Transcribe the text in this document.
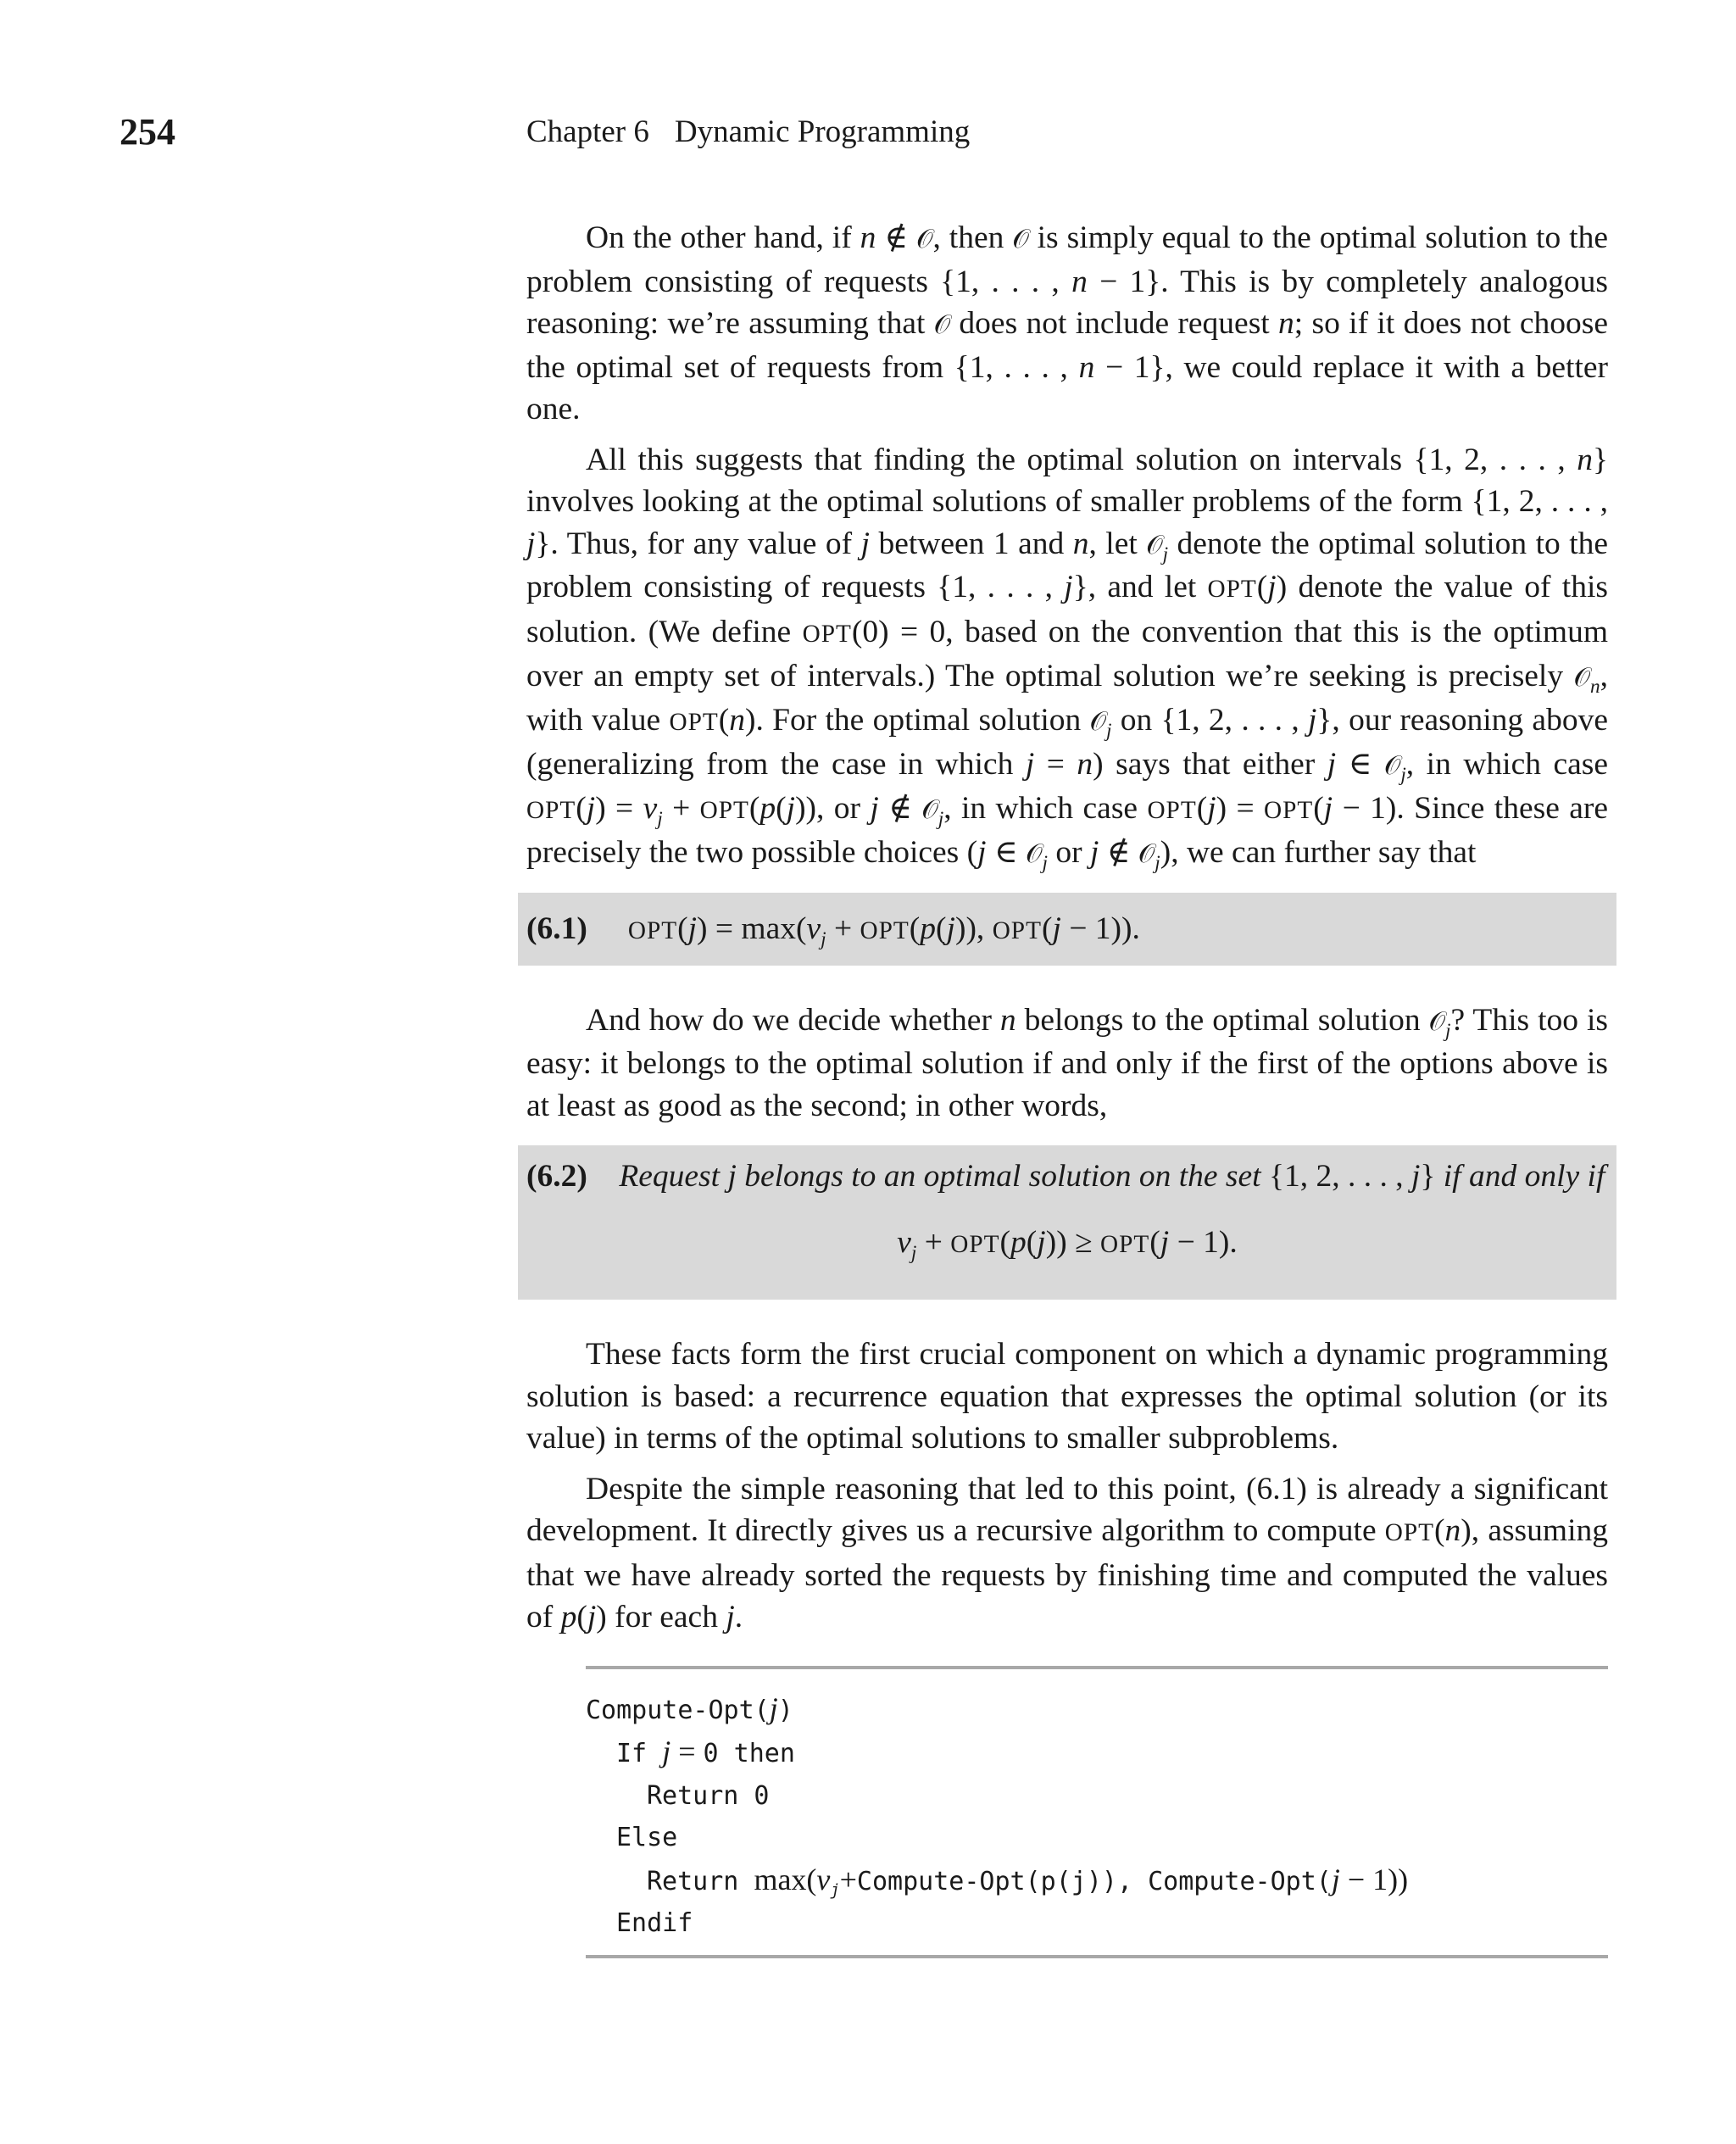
254	Chapter 6 Dynamic Programming

On the other hand, if n ∉ 𝒪, then 𝒪 is simply equal to the optimal solution to the problem consisting of requests {1, . . . , n − 1}. This is by completely analogous reasoning: we’re assuming that 𝒪 does not include request n; so if it does not choose the optimal set of requests from {1, . . . , n − 1}, we could replace it with a better one.

All this suggests that finding the optimal solution on intervals {1, 2, . . . , n} involves looking at the optimal solutions of smaller problems of the form {1, 2, . . . , j}. Thus, for any value of j between 1 and n, let 𝒪$_j$ denote the optimal solution to the problem consisting of requests {1, . . . , j}, and let OPT(j) denote the value of this solution. (We define OPT(0) = 0, based on the convention that this is the optimum over an empty set of intervals.) The optimal solution we’re seeking is precisely 𝒪$_n$, with value OPT(n). For the optimal solution 𝒪$_j$ on {1, 2, . . . , j}, our reasoning above (generalizing from the case in which j = n) says that either j ∈ 𝒪$_j$, in which case $OPT(j) = v_j + OPT(p(j))$, or j ∉ 𝒪$_j$, in which case OPT(j) = OPT(j − 1). Since these are precisely the two possible choices (j ∈ 𝒪$_j$ or j ∉ 𝒪$_j$), we can further say that

(6.1) $OPT(j) = \max(v_j + OPT(p(j))$, OPT(j − 1)).

And how do we decide whether n belongs to the optimal solution 𝒪$_j$? This too is easy: it belongs to the optimal solution if and only if the first of the options above is at least as good as the second; in other words,

(6.2)    Request j belongs to an optimal solution on the set {1, 2, . . . , j} if and only if
$v_j + OPT(p(j)) \ge OPT(j - 1)$.

These facts form the first crucial component on which a dynamic programming solution is based: a recurrence equation that expresses the optimal solution (or its value) in terms of the optimal solutions to smaller subproblems.

Despite the simple reasoning that led to this point, (6.1) is already a significant development. It directly gives us a recursive algorithm to compute OPT(n), assuming that we have already sorted the requests by finishing time and computed the values of p(j) for each j.

Compute-Opt(j)
If j = 0 then
Return 0
Else
Return $\max(v_j+Compute-Opt(p(j))$, Compute-Opt(j − 1))
Endif
